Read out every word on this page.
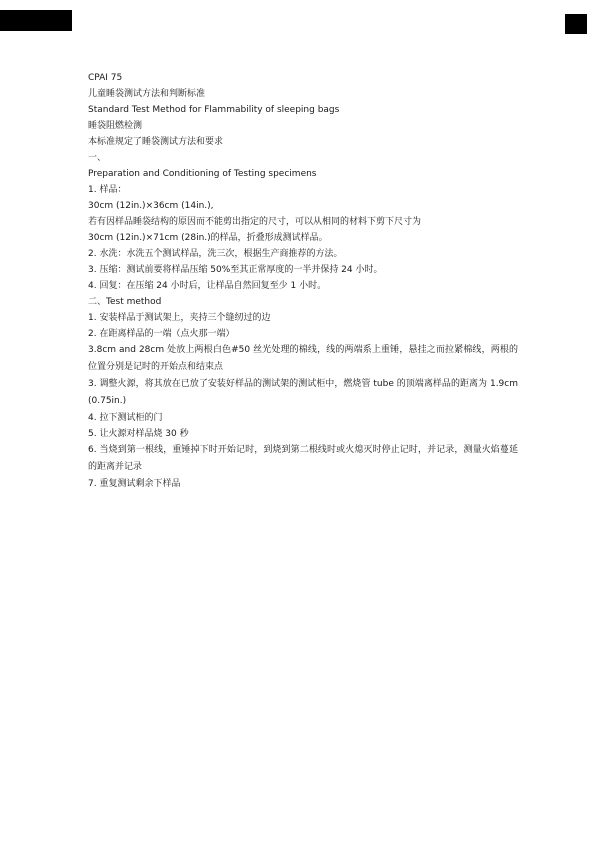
CPAI 75
儿童睡袋测试方法和判断标准
Standard Test Method for Flammability of sleeping bags
睡袋阻燃检测
本标准规定了睡袋测试方法和要求
一、
Preparation and Conditioning of Testing specimens
1. 样品：
30cm (12in.)×36cm (14in.),
若有因样品睡袋结构的原因而不能剪出指定的尺寸，可以从相同的材料下剪下尺寸为
30cm (12in.)×71cm (28in.)的样品，折叠形成测试样品。
2. 水洗：水洗五个测试样品，洗三次，根据生产商推荐的方法。
3. 压缩：测试前要将样品压缩 50%至其正常厚度的一半并保持 24 小时。
4. 回复：在压缩 24 小时后，让样品自然回复至少 1 小时。
二、Test method
1. 安装样品于测试架上，夹持三个缝纫过的边
2. 在距离样品的一端（点火那一端）
3.8cm and 28cm 处放上两根白色#50 丝光处理的棉线，线的两端系上重锤，悬挂之而拉紧棉线，两根的位置分别是记时的开始点和结束点
3. 调整火源，将其放在已放了安装好样品的测试架的测试柜中，燃烧管 tube 的顶端离样品的距离为 1.9cm (0.75in.)
4. 拉下测试柜的门
5. 让火源对样品烧 30 秒
6. 当烧到第一根线，重锤掉下时开始记时，到烧到第二根线时或火熄灭时停止记时，并记录，测量火焰蔓延的距离并记录
7. 重复测试剩余下样品
